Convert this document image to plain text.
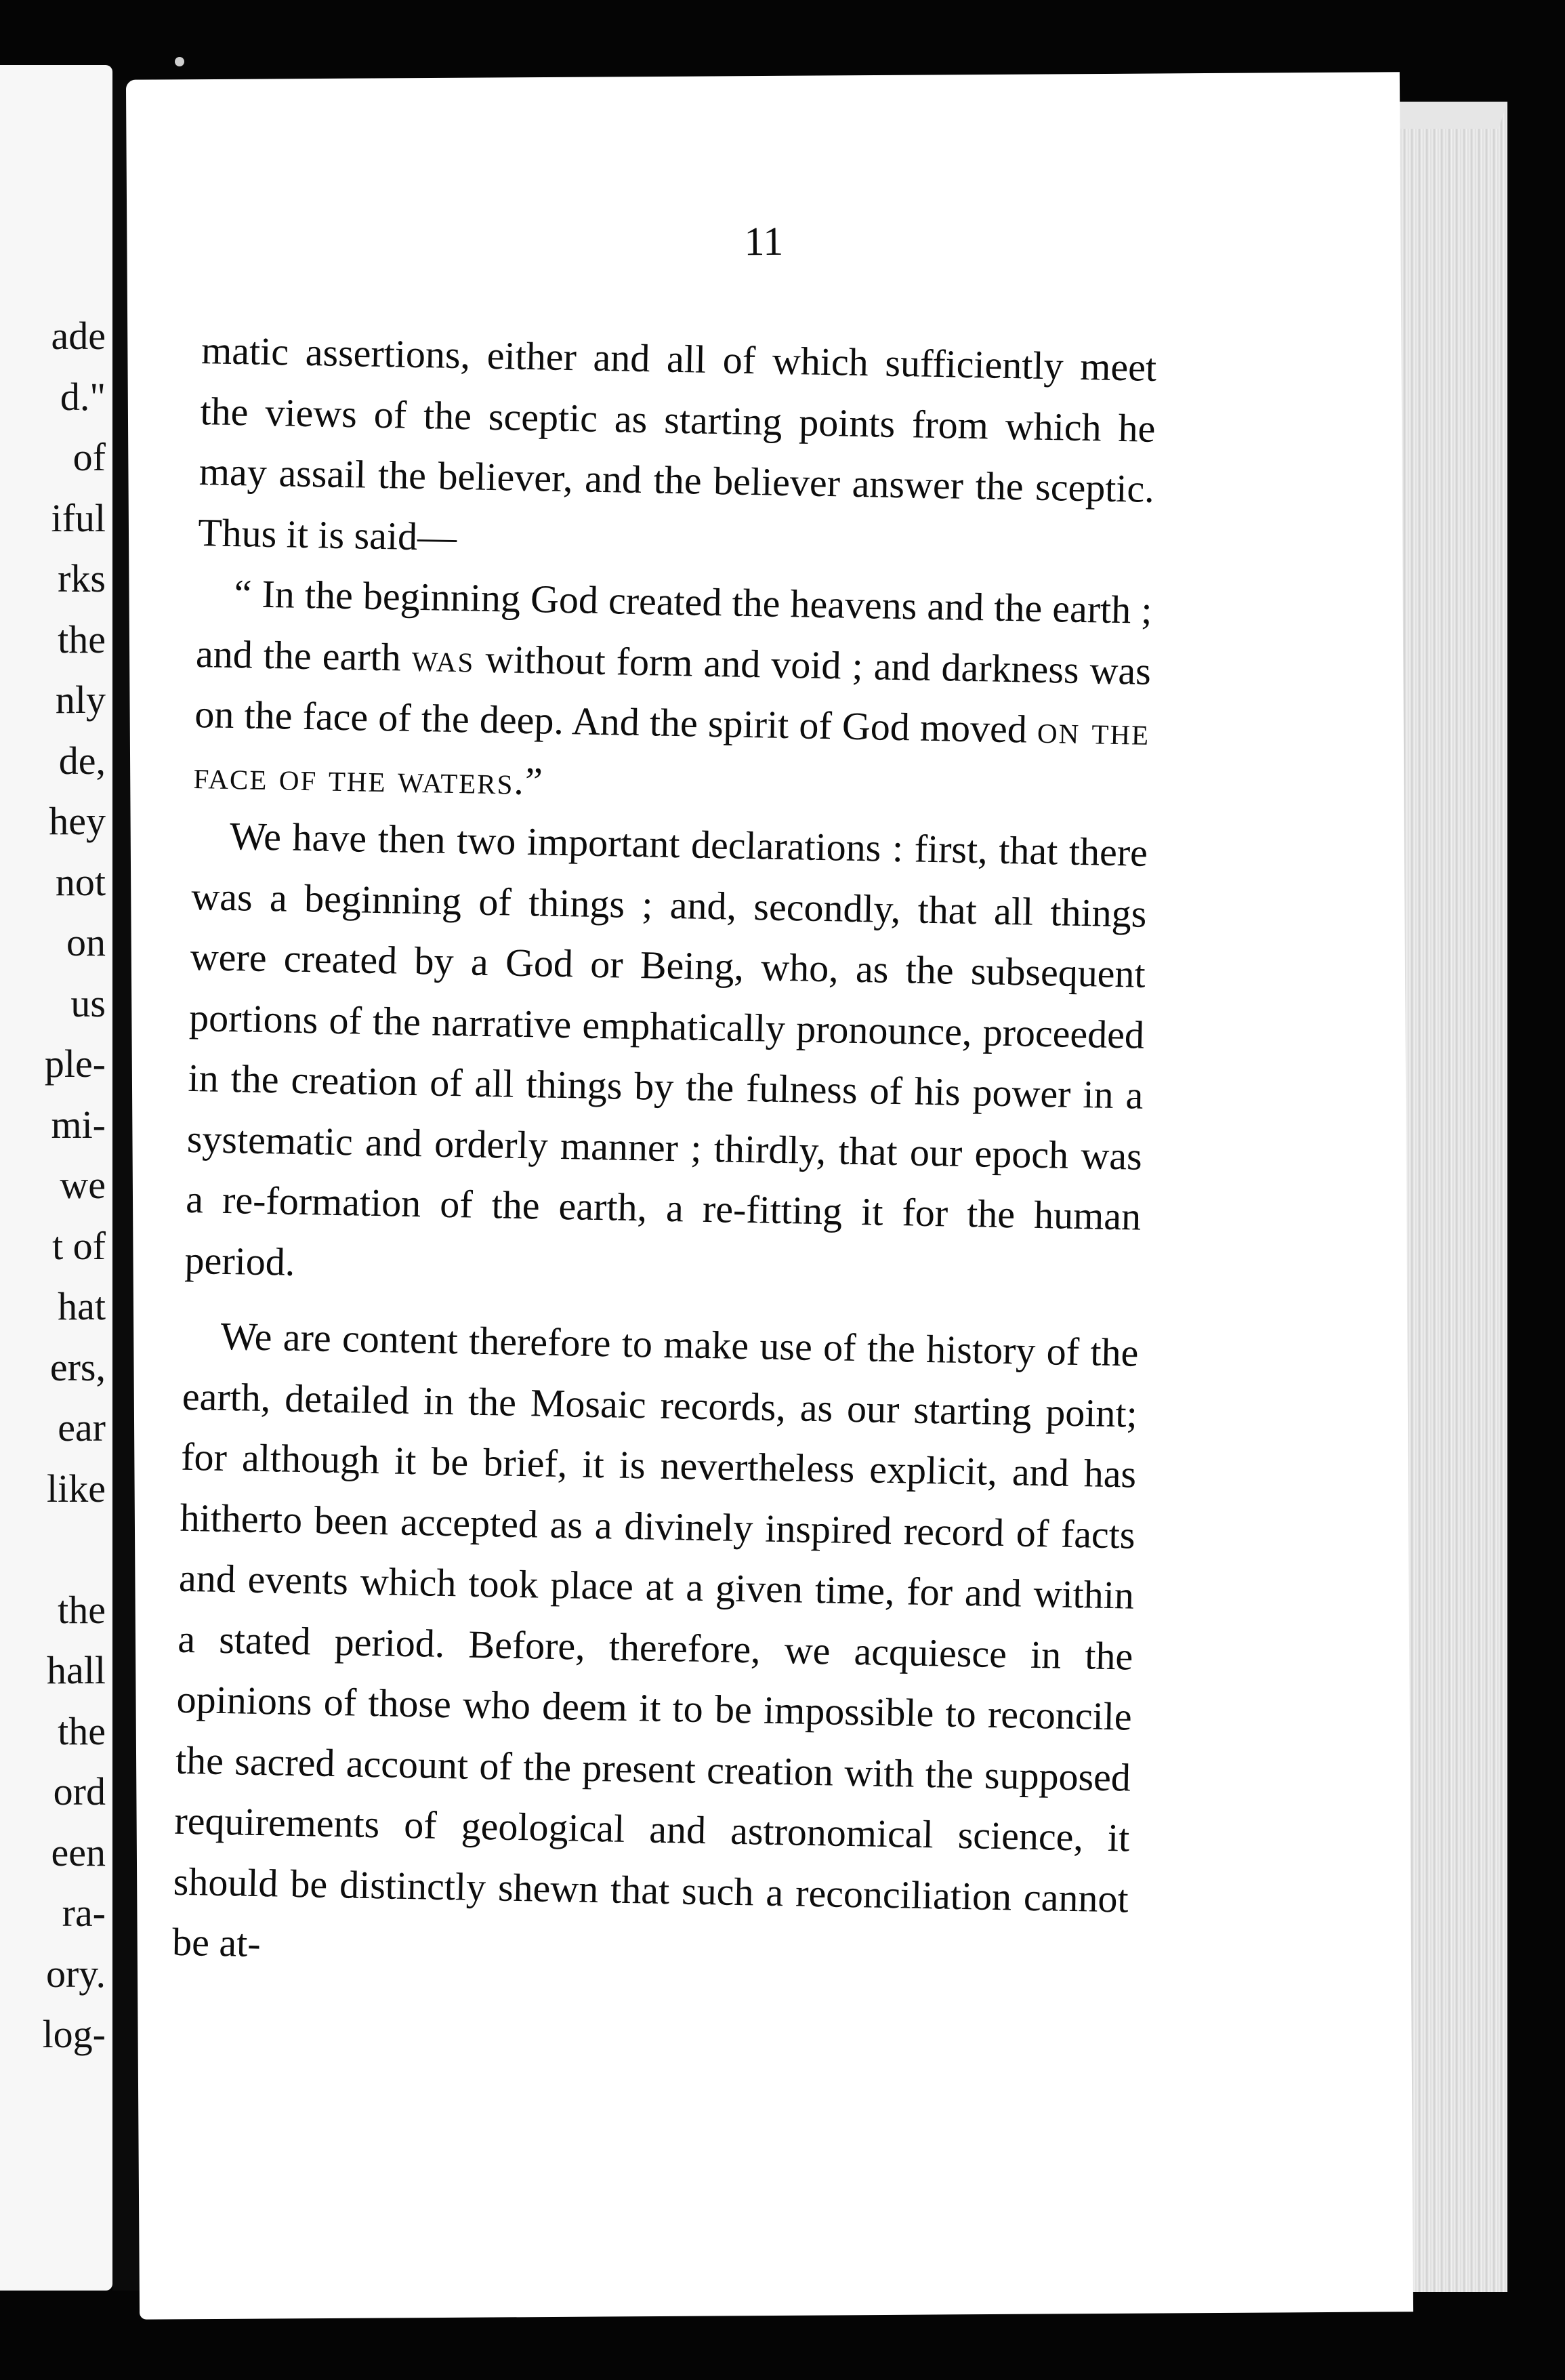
ade
d."
of
iful
rks
the
nly
de,
hey
not
on
us
ple-
mi-
we
t of
hat
ers,
ear
like
the
hall
the
ord
een
ra-
ory.
log-
11

matic assertions, either and all of which sufficiently meet the views of the sceptic as starting points from which he may assail the believer, and the believer answer the sceptic. Thus it is said—

“ In the beginning God created the heavens and the earth ; and the earth was without form and void ; and darkness was on the face of the deep. And the spirit of God moved on the face of the waters.”

We have then two important declarations : first, that there was a beginning of things ; and, secondly, that all things were created by a God or Being, who, as the subsequent portions of the narrative emphatically pronounce, proceeded in the creation of all things by the fulness of his power in a systematic and orderly manner ; thirdly, that our epoch was a re-formation of the earth, a re-fitting it for the human period.

We are content therefore to make use of the history of the earth, detailed in the Mosaic records, as our starting point; for although it be brief, it is nevertheless explicit, and has hitherto been accepted as a divinely inspired record of facts and events which took place at a given time, for and within a stated period. Before, therefore, we acquiesce in the opinions of those who deem it to be impossible to reconcile the sacred account of the present creation with the supposed requirements of geological and astronomical science, it should be distinctly shewn that such a reconciliation cannot be at-
